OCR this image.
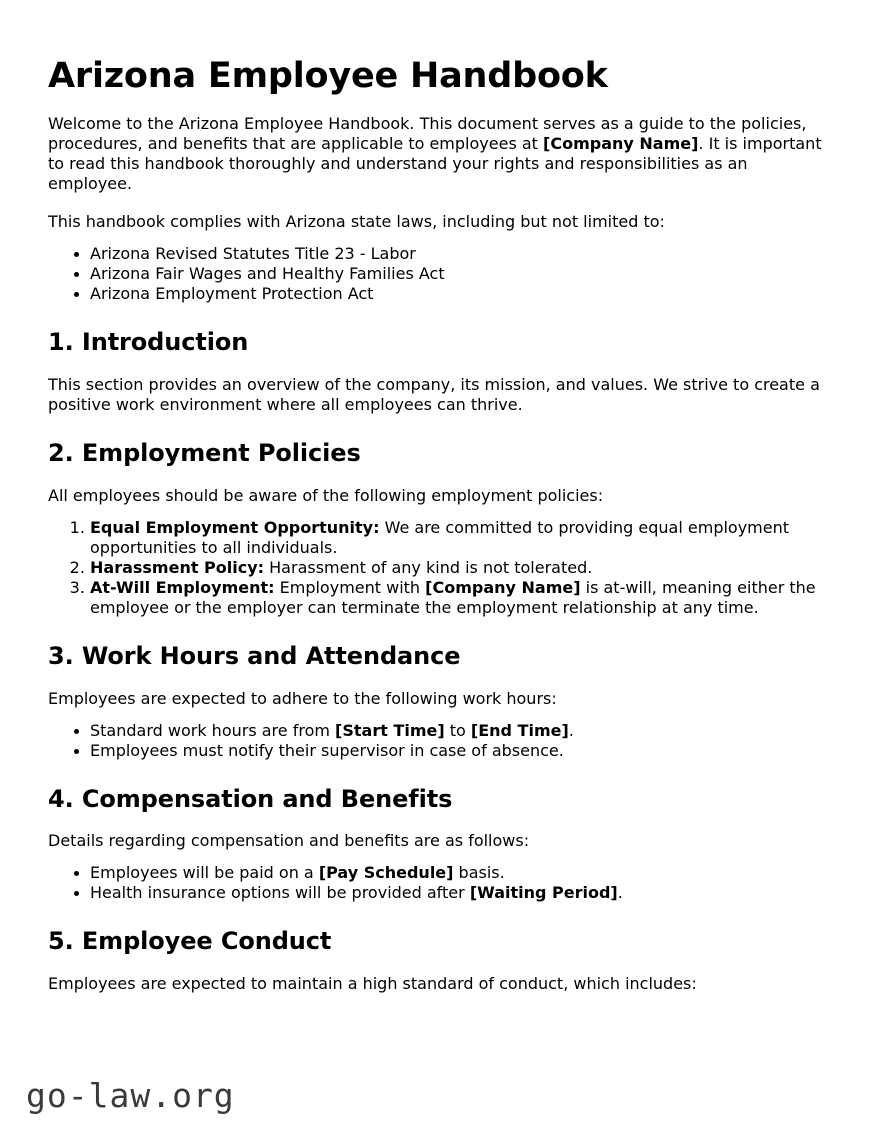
Arizona Employee Handbook

Welcome to the Arizona Employee Handbook. This document serves as a guide to the policies, procedures, and benefits that are applicable to employees at [Company Name]. It is important to read this handbook thoroughly and understand your rights and responsibilities as an employee.

This handbook complies with Arizona state laws, including but not limited to:

• Arizona Revised Statutes Title 23 - Labor
• Arizona Fair Wages and Healthy Families Act
• Arizona Employment Protection Act
1. Introduction

This section provides an overview of the company, its mission, and values. We strive to create a positive work environment where all employees can thrive.

2. Employment Policies

All employees should be aware of the following employment policies:

1. Equal Employment Opportunity: We are committed to providing equal employment opportunities to all individuals.
2. Harassment Policy: Harassment of any kind is not tolerated.
3. At-Will Employment: Employment with [Company Name] is at-will, meaning either the employee or the employer can terminate the employment relationship at any time.
3. Work Hours and Attendance

Employees are expected to adhere to the following work hours:

• Standard work hours are from [Start Time] to [End Time].
• Employees must notify their supervisor in case of absence.
4. Compensation and Benefits

Details regarding compensation and benefits are as follows:

• Employees will be paid on a [Pay Schedule] basis.
• Health insurance options will be provided after [Waiting Period].
5. Employee Conduct

Employees are expected to maintain a high standard of conduct, which includes:

go-law.org
